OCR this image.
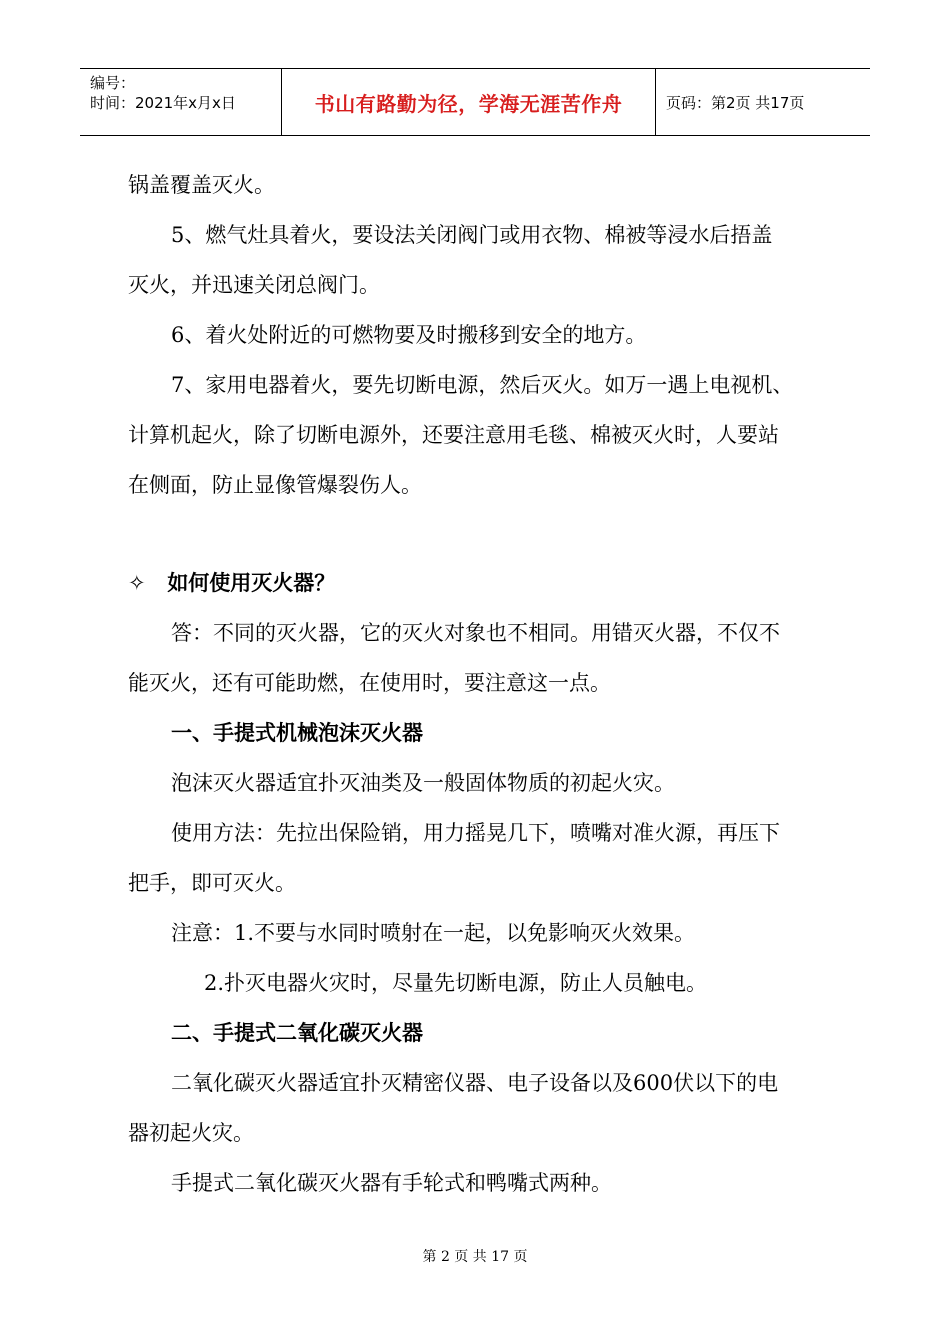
编号：
时间：2021年x月x日	书山有路勤为径，学海无涯苦作舟	页码：第2页 共17页
锅盖覆盖灭火。
5、燃气灶具着火，要设法关闭阀门或用衣物、棉被等浸水后捂盖
灭火，并迅速关闭总阀门。
6、着火处附近的可燃物要及时搬移到安全的地方。
7、家用电器着火，要先切断电源，然后灭火。如万一遇上电视机、
计算机起火，除了切断电源外，还要注意用毛毯、棉被灭火时，人要站
在侧面，防止显像管爆裂伤人。
✧ 如何使用灭火器？
答：不同的灭火器，它的灭火对象也不相同。用错灭火器，不仅不
能灭火，还有可能助燃，在使用时，要注意这一点。
一、手提式机械泡沫灭火器
泡沫灭火器适宜扑灭油类及一般固体物质的初起火灾。
使用方法：先拉出保险销，用力摇晃几下，喷嘴对准火源，再压下
把手，即可灭火。
注意：1.不要与水同时喷射在一起，以免影响灭火效果。
2.扑灭电器火灾时，尽量先切断电源，防止人员触电。
二、手提式二氧化碳灭火器
二氧化碳灭火器适宜扑灭精密仪器、电子设备以及600伏以下的电
器初起火灾。
手提式二氧化碳灭火器有手轮式和鸭嘴式两种。
第 2 页 共 17 页
